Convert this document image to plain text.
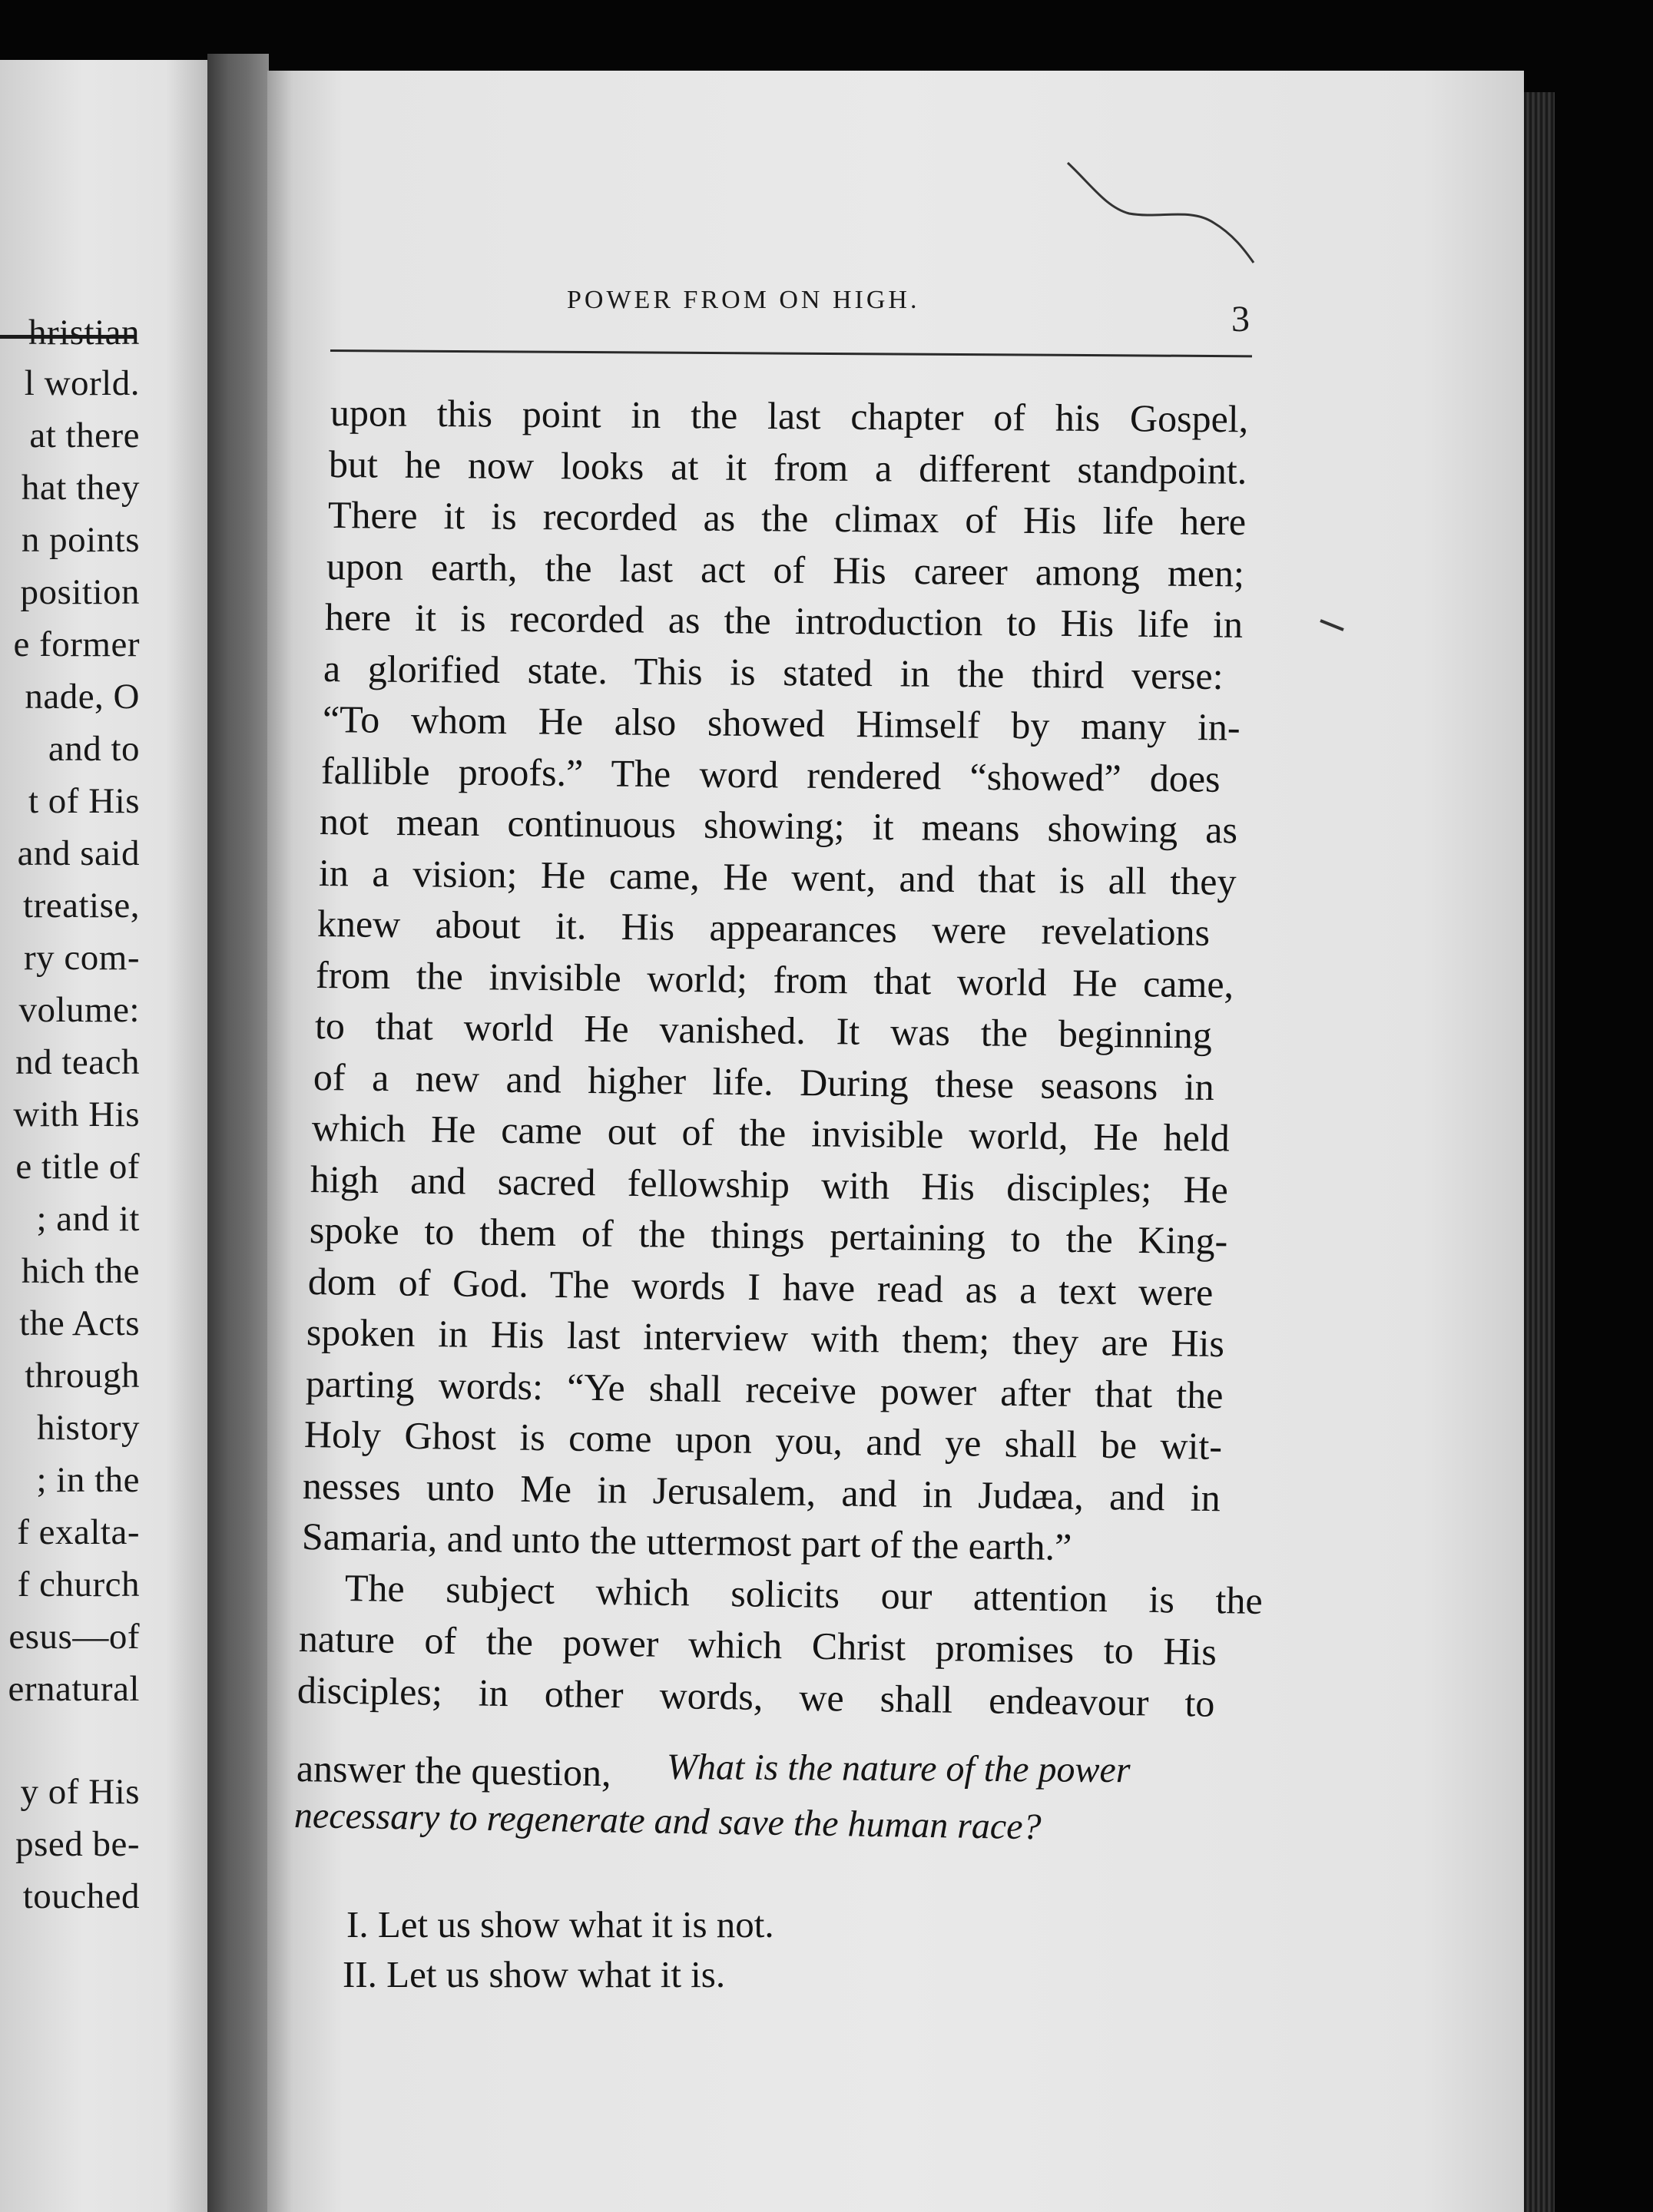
hristian
l world.
at there
hat they
n points
position
e former
nade, O
and to
t of His
and said
treatise,
ry com-
volume:
nd teach
with His
e title of
; and it
hich the
the Acts
through
history
; in the
f exalta-
f church
esus—of
ernatural
y of His
psed be-
touched
POWER FROM ON HIGH.	3
upon this point in the last chapter of his Gospel,
but he now looks at it from a different standpoint.
There it is recorded as the climax of His life here
upon earth, the last act of His career among men;
here it is recorded as the introduction to His life in
a glorified state. This is stated in the third verse:
“To whom He also showed Himself by many in-
fallible proofs.” The word rendered “showed” does
not mean continuous showing; it means showing as
in a vision; He came, He went, and that is all they
knew about it. His appearances were revelations
from the invisible world; from that world He came,
to that world He vanished. It was the beginning
of a new and higher life. During these seasons in
which He came out of the invisible world, He held
high and sacred fellowship with His disciples; He
spoke to them of the things pertaining to the King-
dom of God. The words I have read as a text were
spoken in His last interview with them; they are His
parting words: “Ye shall receive power after that the
Holy Ghost is come upon you, and ye shall be wit-
nesses unto Me in Jerusalem, and in Judæa, and in
Samaria, and unto the uttermost part of the earth.”
The subject which solicits our attention is the
nature of the power which Christ promises to His
disciples; in other words, we shall endeavour to
answer the question, What is the nature of the power
necessary to regenerate and save the human race?
I. Let us show what it is not.
II. Let us show what it is.
